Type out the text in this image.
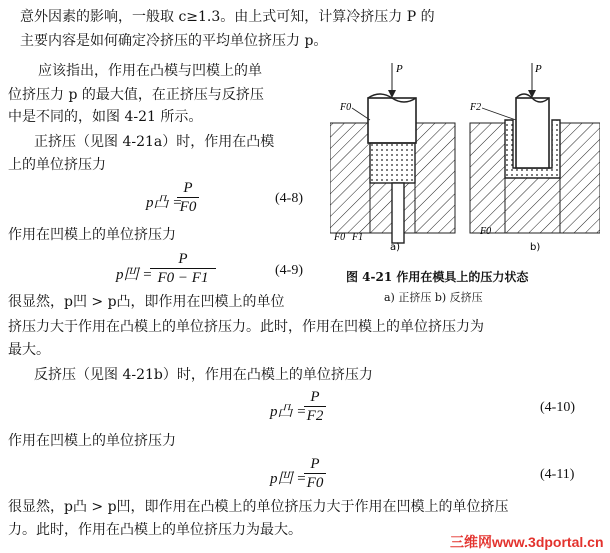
意外因素的影响，一般取 c≥1.3。由上式可知，计算冷挤压力 P 的
主要内容是如何确定冷挤压的平均单位挤压力 p。
应该指出，作用在凸模与凹模上的单
位挤压力 p 的最大值，在正挤压与反挤压
中是不同的，如图 4-21 所示。
正挤压（见图 4-21a）时，作用在凸模
上的单位挤压力
p凸 =
P
F0
(4-8)
作用在凹模上的单位挤压力
p凹 =
P
F0 − F1	(4-9)
很显然，p凹 > p凸，即作用在凹模上的单位
挤压力大于作用在凸模上的单位挤压力。此时，作用在凹模上的单位挤压力为
最大。
反挤压（见图 4-21b）时，作用在凸模上的单位挤压力
p凸 =
P
F2
(4-10)
作用在凹模上的单位挤压力
p凹 =
P
F0
(4-11)
很显然，p凸 > p凹，即作用在凸模上的单位挤压力大于作用在凹模上的单位挤压
力。此时，作用在凸模上的单位挤压力为最大。
P
F0
F0 F1
a)
P
F2
F0
b)
图 4-21 作用在模具上的压力状态
a) 正挤压 b) 反挤压
三维网www.3dportal.cn
